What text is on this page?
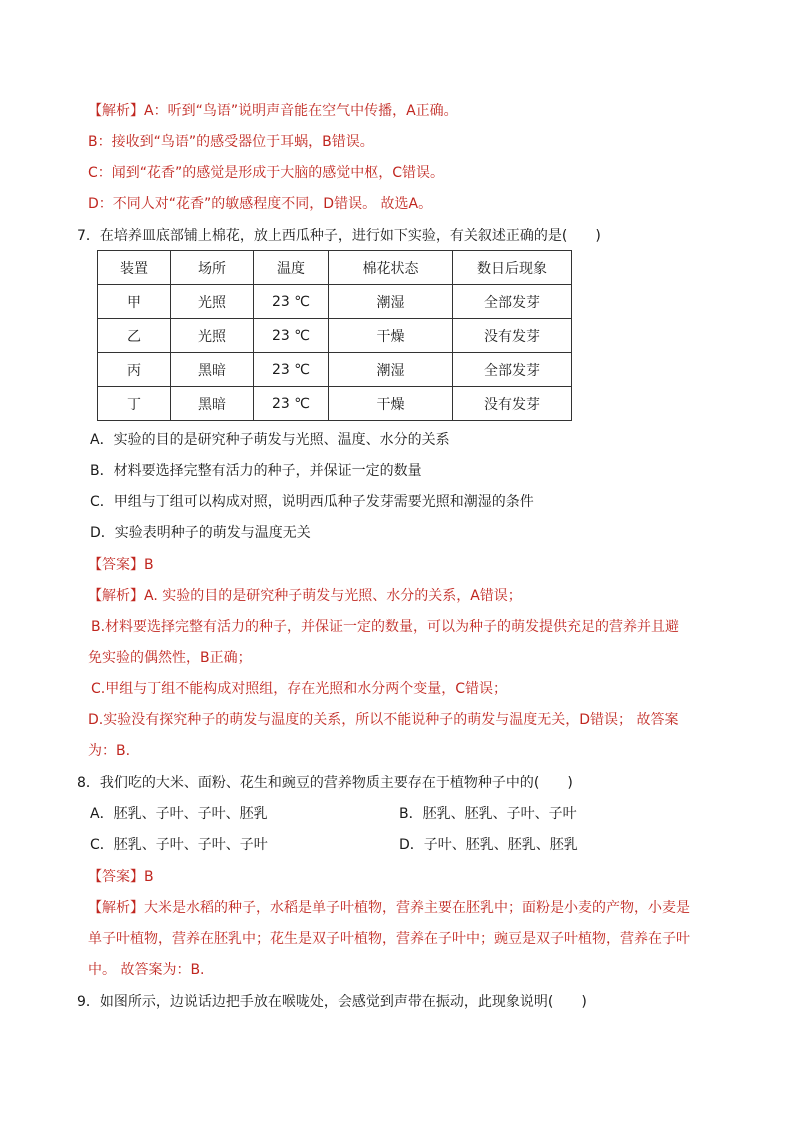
【解析】A：听到“鸟语”说明声音能在空气中传播，A正确。
B：接收到“鸟语”的感受器位于耳蜗，B错误。
C：闻到“花香”的感觉是形成于大脑的感觉中枢，C错误。
D：不同人对“花香”的敏感程度不同，D错误。 故选A。
7．在培养皿底部铺上棉花，放上西瓜种子，进行如下实验，有关叙述正确的是(　　)
装置	场所	温度	棉花状态	数日后现象
甲	光照	23 ℃	潮湿	全部发芽
乙	光照	23 ℃	干燥	没有发芽
丙	黑暗	23 ℃	潮湿	全部发芽
丁	黑暗	23 ℃	干燥	没有发芽
A．实验的目的是研究种子萌发与光照、温度、水分的关系
B．材料要选择完整有活力的种子，并保证一定的数量
C．甲组与丁组可以构成对照，说明西瓜种子发芽需要光照和潮湿的条件
D．实验表明种子的萌发与温度无关
【答案】B
【解析】A. 实验的目的是研究种子萌发与光照、水分的关系，A错误；
B.材料要选择完整有活力的种子，并保证一定的数量，可以为种子的萌发提供充足的营养并且避
免实验的偶然性，B正确；
C.甲组与丁组不能构成对照组，存在光照和水分两个变量，C错误；
D.实验没有探究种子的萌发与温度的关系，所以不能说种子的萌发与温度无关，D错误； 故答案
为：B.
8．我们吃的大米、面粉、花生和豌豆的营养物质主要存在于植物种子中的(　　)
A．胚乳、子叶、子叶、胚乳	B．胚乳、胚乳、子叶、子叶
C．胚乳、子叶、子叶、子叶	D．子叶、胚乳、胚乳、胚乳
【答案】B
【解析】大米是水稻的种子，水稻是单子叶植物，营养主要在胚乳中；面粉是小麦的产物，小麦是
单子叶植物，营养在胚乳中；花生是双子叶植物，营养在子叶中；豌豆是双子叶植物，营养在子叶
中。 故答案为：B.
9．如图所示，边说话边把手放在喉咙处，会感觉到声带在振动，此现象说明(　　)
